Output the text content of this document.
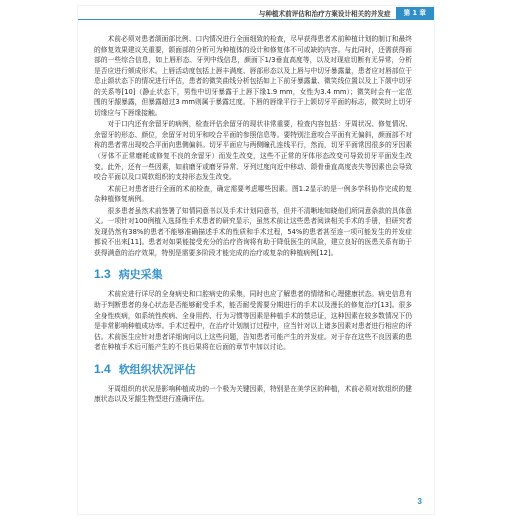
与种植术前评估和治疗方案设计相关的并发症	第 1 章

术前必须对患者颌面部比例、口内情况进行全面细致的检查，尽早获得患者术前种植计划的制订和最终的修复效果建议关重要，颌面部的分析可为种植体的设计和修复体不可或缺的内容。与此同时，还需获得面部的一些综合信息，如上唇形态、牙列中线信息，颜面下1/3垂直高度等，以及对现症切断有无异常，分析是否应进行颏成形术。上唇活动度包括上唇丰满度、唇部形态以及上唇与中切牙暴露量，患者应对唇部位于息止颌状态下的情况进行评估，患者的微笑曲线分析包括如上下前牙暴露量、微笑线位置以及上下颌中切牙的关系等[10]（静止状态下，男性中切牙暴露于上唇下缘1.9 mm，女性为3.4 mm）；微笑时会有一定范围的牙龈暴露，但暴露超过3 mm则属于暴露过度。下唇的唇缘平行于上颌切牙平面的标志，微笑时上切牙切缘应与下唇缘接触。

对于口内还有余留牙的病例，检查评估余留牙的现状非常重要，检查内容包括：牙周状况、修复情况、余留牙的形态、颜位，余留牙对切牙和咬合平面的参照信息等。要特别注意咬合平面有无偏斜，颜面部不对称的患者常出现咬合平面向患侧偏斜。切牙平面应与两侧瞳孔连线平行，然而，切牙平面常因很多的牙因素（牙体不正常磨耗或修复不良的余留牙）而发生改变，这些不正常的牙体形态改变可导致切牙平面发生改变。此外，还有一些因素，如前磨牙或磨牙异常、牙列过度向近中移动、颌骨垂直高度丧失等因素也会导致咬合平面以及口周软组织的支持形态发生改变。

术前已对患者进行全面的术前检查，确定需要考虑哪些因素。图1.2显示的是一例多学科协作完成的复杂种植修复病例。

很多患者虽然术前签署了知情同意书以及手术计划同意书，但并不清晰地知晓他们所同意条款的具体意义。一项针对100例植入选择性手术患者的研究显示，虽然术前让这些患者阅读相关手术的手册，但研究者发现仍然有38%的患者不能够准确描述手术的性质和手术过程，54%的患者甚至连一项可能发生的并发症都说不出来[11]。患者对如果能接受充分的治疗咨询将有助于降低医生的风险，建立良好的医患关系有助于获得满意的治疗效果，特别是需要多阶段才能完成的治疗或复杂的种植病例[12]。

1.3 病史采集

术前应进行详尽的全身病史和口腔病史的采集，同时也应了解患者的情绪和心理健康状态。病史信息有助于判断患者的身心状态是否能够耐受手术，能否耐受需要分期进行的手术以及漫长的修复治疗[13]。很多全身性疾病，如系统性疾病、全身用药、行为习惯等因素是种植手术的禁忌证，这种因素在较多数情况下仍是非常影响种植成功率。手术过程中，在治疗计划制订过程中，应当针对以上诸多因素对患者进行相应的评估。术前医生应针对患者详细询问以上这些问题，告知患者可能产生的并发症。对于存在这些不良因素的患者在种植手术后可能产生的不良后果将在后面的章节中加以讨论。

1.4 软组织状况评估

牙周组织的状况是影响种植成功的一个极为关键因素，特别是在美学区的种植，术前必须对软组织的健康状态以及牙龈生物型进行准确评估。

3
